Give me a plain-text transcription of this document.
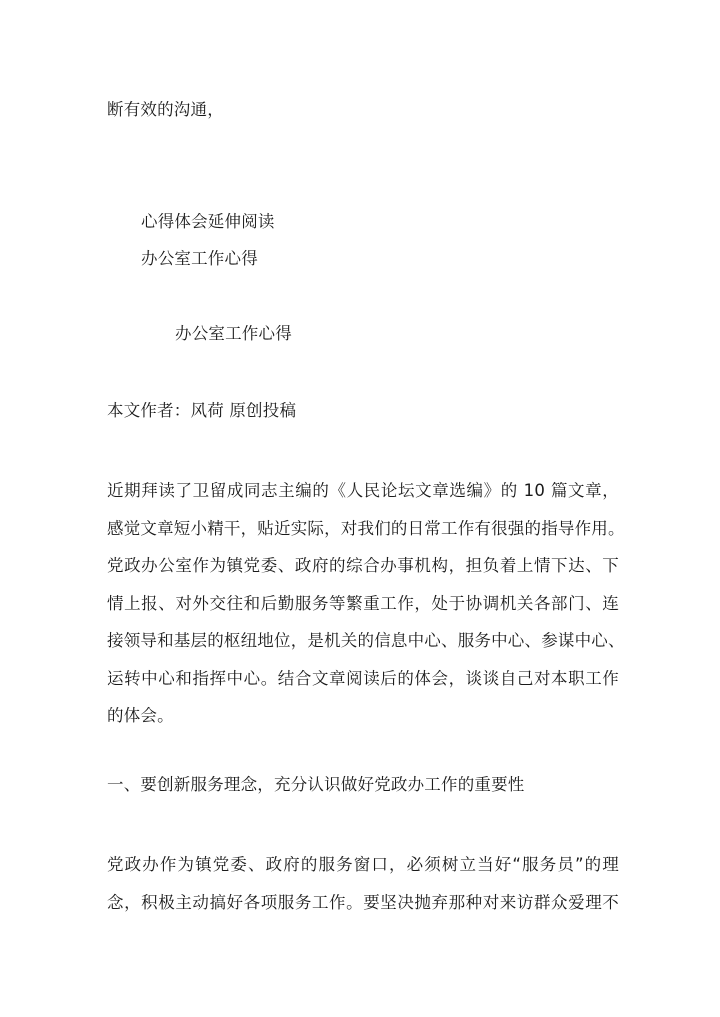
断有效的沟通，
心得体会延伸阅读
办公室工作心得
办公室工作心得
本文作者：风荷 原创投稿
近期拜读了卫留成同志主编的《人民论坛文章选编》的 10 篇文章，
感觉文章短小精干，贴近实际，对我们的日常工作有很强的指导作用。
党政办公室作为镇党委、政府的综合办事机构，担负着上情下达、下
情上报、对外交往和后勤服务等繁重工作，处于协调机关各部门、连
接领导和基层的枢纽地位，是机关的信息中心、服务中心、参谋中心、
运转中心和指挥中心。结合文章阅读后的体会，谈谈自己对本职工作
的体会。
一、要创新服务理念，充分认识做好党政办工作的重要性
党政办作为镇党委、政府的服务窗口，必须树立当好“服务员”的理
念，积极主动搞好各项服务工作。要坚决抛弃那种对来访群众爱理不
